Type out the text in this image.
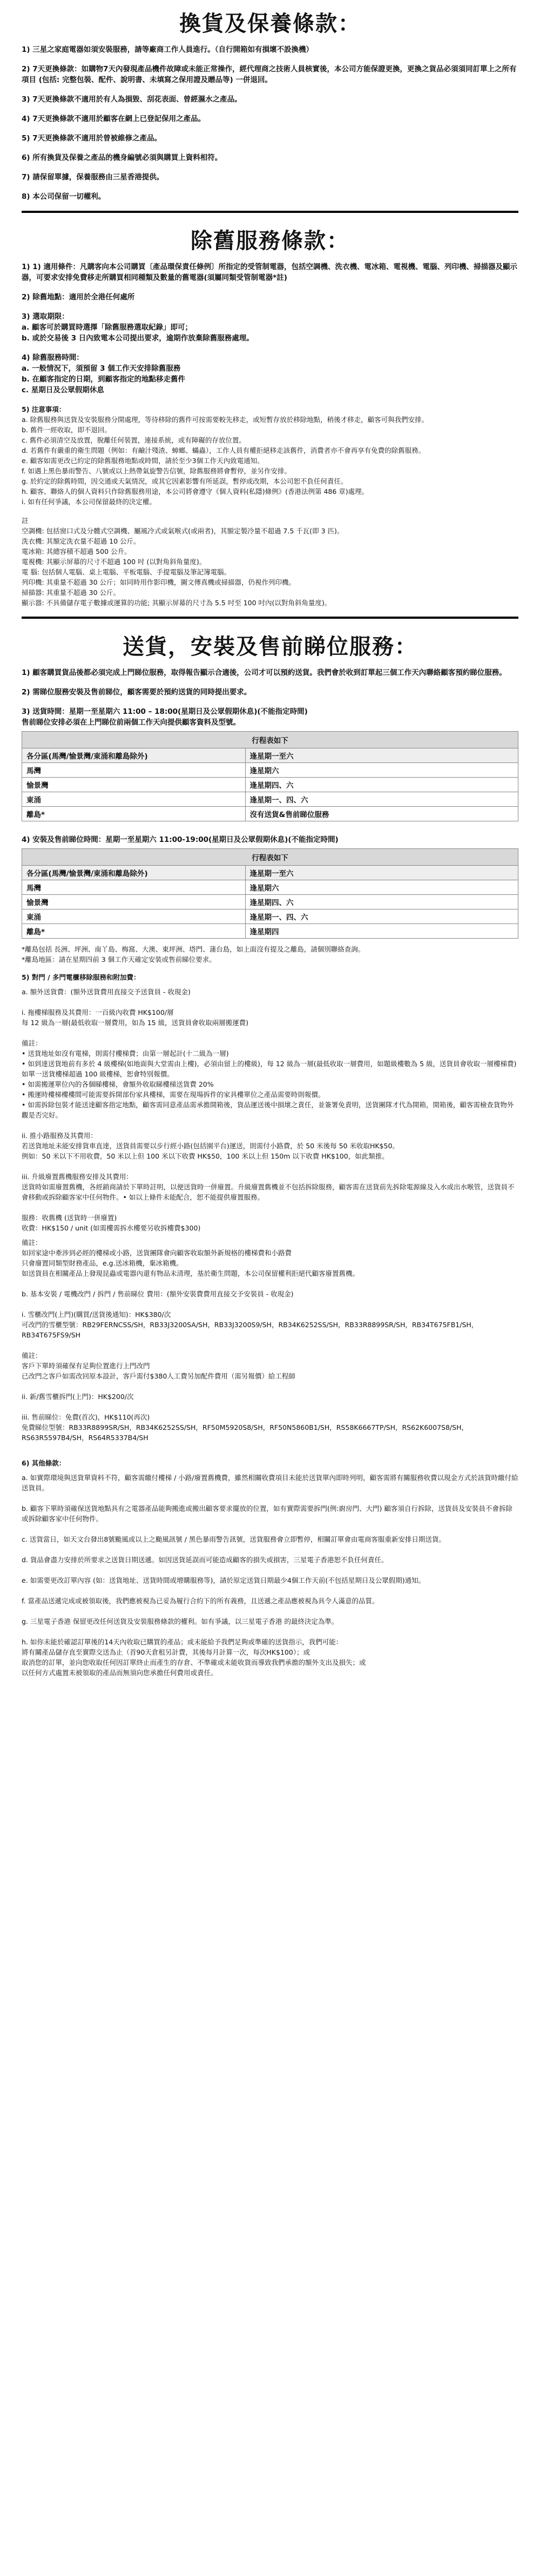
換貨及保養條款：
1) 三星之家庭電器如須安裝服務，請等廠商工作人員進行。（自行開箱如有損壞不設換機）
2) 7天更換條款：如購物7天內發現產品機件故障或未能正常操作，經代理商之技術人員核實後，本公司方能保證更換，更換之貨品必須須同訂單上之所有項目 (包括: 完整包裝、配件、說明書、未填寫之保用證及贈品等) 一併退回。
3) 7天更換條款不適用於有人為損毀、刮花表面、曾經濕水之產品。
4) 7天更換條款不適用於顧客在網上已登記保用之產品。
5) 7天更換條款不適用於曾被維修之產品。
6) 所有換貨及保養之產品的機身編號必須與購買上資料相符。
7) 請保留單據，保養服務由三星香港提供。
8) 本公司保留一切權利。
除舊服務條款：
1) 1) 適用條件：凡購客向本公司購買〔產品環保責任條例〕所指定的受管制電器，包括空調機、洗衣機、電冰箱、電視機、電腦、列印機、掃描器及顯示器，可要求安排免費移走所購買相同種類及數量的舊電器(須屬同類受管制電器*註)
2) 除舊地點：適用於全港任何處所
3) 選取期限：
a. 顧客可於購買時選擇「除舊服務選取紀錄」即可；
b. 或於交易後 3 日內致電本公司提出要求，逾期作放棄除舊服務處理。
4) 除舊服務時間：
a. 一般情況下，須預留 3 個工作天安排除舊服務
b. 在顧客指定的日期，到顧客指定的地點移走舊件
c. 星期日及公眾假期休息
5) 注意事項：
a. 除舊服務與送貨及安裝服務分開處理，等待移除的舊件可按需要較先移走，或短暫存放於移除地點，稍後才移走，顧客可與我們安排。
b. 舊件一經收取，即不退回。
c. 舊件必須清空及放置，脫離任何裝置，連接系統，或有障礙的存放位置。
d. 若舊件有嚴重的衛生問題（例如：有鹼汁殘渣、蟑螂、蟎蟲），工作人員有權拒絕移走該舊件，消費者亦不會再享有免費的除舊服務。
e. 顧客如需更改已約定的除舊服務地點或時間，請於至少3個工作天內致電通知。
f. 如遇上黑色暴雨警告、八號或以上熱帶氣旋警告信號，除舊服務將會暫停，並另作安排。
g. 於約定的除舊時間，因交通或天氣情況，或其它因素影響有所延誤，暫停或改期，本公司恕不負任何責任。
h. 顧客、聯絡人的個人資料只作除舊服務用途，本公司將會遵守《個人資料(私隱)條例》(香港法例第 486 章)處理。
i. 如有任何爭議，本公司保留最終的決定權。
註
空調機: 包括窗口式及分體式空調機、屬風冷式或氣喉式(或兩者)，其額定製冷量不超過 7.5 千瓦(即 3 匹)。
洗衣機: 其額定洗衣量不超過 10 公斤。
電冰箱: 其總容積不超過 500 公升。
電視機: 其顯示屏幕的尺寸不超過 100 吋 (以對角斜角量度)。
電 腦: 包括個人電腦、桌上電腦、平板電腦、手提電腦及筆記簿電腦。
列印機: 其重量不超過 30 公斤；如同時用作影印機，圖文傳真機或掃描器，仍視作列印機。
掃描器: 其重量不超過 30 公斤。
顯示器: 不具備儲存電子數據或運算的功能; 其顯示屏幕的尺寸為 5.5 吋至 100 吋內(以對角斜角量度)。
送貨，安裝及售前睇位服務：
1) 顧客購買貨品後都必須完成上門睇位服務，取得報告顯示合適後，公司才可以預約送貨。我們會於收到訂單起三個工作天內聯絡顧客預約睇位服務。
2) 需睇位服務安裝及售前睇位，顧客需要於預約送貨的同時提出要求。
3) 送貨時間：星期一至星期六 11:00 – 18:00(星期日及公眾假期休息)(不能指定時間)
售前睇位安排必須在上門睇位前兩個工作天向提供顧客資料及型號。
行程表如下	
各分區(馬灣/愉景灣/東涌和離島除外)	逢星期一至六
馬灣	逢星期六
愉景灣	逢星期四、六
東涌	逢星期一、四、六
離島*	沒有送貨&售前睇位服務
4) 安裝及售前睇位時間：星期一至星期六 11:00-19:00(星期日及公眾假期休息)(不能指定時間)
行程表如下	
各分區(馬灣/愉景灣/東涌和離島除外)	逢星期一至六
馬灣	逢星期六
愉景灣	逢星期四、六
東涌	逢星期一、四、六
離島*	逢星期四
*離島包括 長洲、坪洲、南丫島、梅窩、大澳、東坪洲、塔門、蒲台島，如上面沒有提及之離島，請個別聯絡查詢。
*離島地區：請在星期四前 3 個工作天確定安裝或售前睇位要求。
5) 對門 / 多門電櫃移除服務和附加費：
a. 額外送貨費：(額外送貨費用直接交予送貨員 - 收現金)

i. 拖樓梯服務及其費用：一百級內收費 HK$100/層
每 12 級為一層(最低收取一層費用，如為 15 級，送貨員會收取兩層搬運費)

備註：
• 送貨地址如沒有電梯，則需付樓梯費；由第一層起計(十二級為一層)
• 如到達送貨地前有多於 4 級樓梯(如地面與大堂需由上樓)，必須由留上的樓級)，每 12 級為一層(最低收取一層費用，如題級樓數為 5 級，送貨員會收取一層樓梯費)
如單一送貨樓梯超過 100 級樓梯，恕會特別報價。
• 如需搬運單位內的各個睇樓梯，會額外收取睇樓梯送貨費 20%
• 搬運時樓梯樓樓間可能需要拆開部份家具樓梯，需要在現場拆件的家具樓單位之產品需要時則報價。
• 如需拆除包裝才能送達顧客指定地點，顧客需同意產品需承擔開箱後，貨品運送後中損壞之責任，並簽署免責明，送貨團隊才代為開箱，開箱後，顧客需檢查貨物外觀是否完好。

ii. 推小路服務及其費用：
若送貨地址未能安排貨車直達，送貨員需要以步行經小路(包括園平台)運送，則需付小路費，於 50 米後每 50 米收取HK$50。
例如：50 米以下不用收費，50 米以上但 100 米以下收費 HK$50，100 米以上但 150m 以下收費 HK$100，如此類推。

iii. 升級廢置舊機服務安排及其費用：
送貨時如需廢置舊機，各經銷商請於下單時註明，以便送貨時一併廢置。升級廢置舊機並不包括拆除服務，顧客需在送貨前先拆除電源線及入水或出水喉管，送貨員不會移動或拆除顧客家中任何物件。• 如以上條件未能配合，恕不能提供廢置服務。

服務：收舊機 (送貨時一併廢置)
收費：HK$150 / unit (如需樓需拆水樓要另收拆樓費$300)
備註：
如回家途中牽涉到必經的樓梯或小路，送貨團隊會向顧客收取額外新規格的樓梯費和小路費
只會廢置同類型財務產品，e.g.送冰箱機，棄冰箱機。
如送貨員在相關產品上發現昆蟲或電器內還有物品未清理，基於衛生問題，本公司保留權利拒絕代顧客廢置舊機。

b. 基本安裝 / 電機改門 / 拆門 / 售前睇位 費用：(額外安裝費費用直接交予安裝員 - 收現金)

i. 雪櫃改門(上門)(購買/送貨後通知)：HK$380/次
可改門的雪櫃型號：RB29FERNCSS/SH，RB33J3200SA/SH，RB33J3200S9/SH，RB34K6252SS/SH，RB33R8899SR/SH，RB34T675FB1/SH，RB34T675FS9/SH

備註：
客戶下單時須確保有足夠位置進行上門改門
已改門之客戶如需改回原本設計，客戶需付$380人工費另加配件費用（需另報價）給工程師

ii. 新/舊雪櫃拆門(上門)：HK$200/次

iii. 售前睇位：免費(首次)，HK$110(再次)
免費睇位型號：RB33R8899SR/SH，RB34K6252SS/SH，RF50M5920S8/SH，RF50N5860B1/SH，RS58K6667TP/SH，RS62K6007S8/SH，RS63R5597B4/SH，RS64R5337B4/SH
6) 其他條款：
a. 如實際環境與送貨單資料不符，顧客需繳付樓梯 / 小路/廢置舊機費，雖然相關收費項目未能於送貨單內即時列明，顧客需將有關服務收費以現金方式於該貨時繳付給送貨員。

b. 顧客下單時須確保送貨地點具有之電器產品能夠搬進或搬出顧客要求擺放的位置，如有實際需要拆門(例:廚房門、大門) 顧客須自行拆除，送貨員及安裝員不會拆除或拆除顧客家中任何物件。

c. 送貨當日，如天文台發出8號颱風或以上之颱風訊號 / 黑色暴雨警告訊號，送貨服務會立即暫停，相關訂單會由電商客服重新安排日期送貨。

d. 貨品會盡力安排於所要求之送貨日期送遞。如因送貨延誤而可能造成顧客的損失或損害，三星電子香港恕不負任何責任。

e. 如需要更改訂單內容 (如：送貨地址、送貨時間或增購服務等)，請於原定送貨日期最少4個工作天前(不包括星期日及公眾假期)通知。

f. 當產品送遞完成或被領取後，我們應被視為已妥為履行合約下的所有義務，且送遞之產品應被視為具令人滿意的品質。

g. 三星電子香港 保留更改任何送貨及安裝服務條款的權利。如有爭議，以三星電子香港 的最終決定為準。

h. 如你未能於確認訂單後的14天內收取已購買的產品；或未能給予我們足夠或準確的送貨指示，我們可能：
將有關產品儲存直至實際交送為止（首90天倉租另計費，其後每月計算一次，每次HK$100）；或
取消您的訂單，並向您收取任何因訂單終止而產生的存倉、不準確或未能收貨而導致我們承擔的額外支出及損失；或
以任何方式處置未被領取的產品而無須向您承擔任何費用或責任。
